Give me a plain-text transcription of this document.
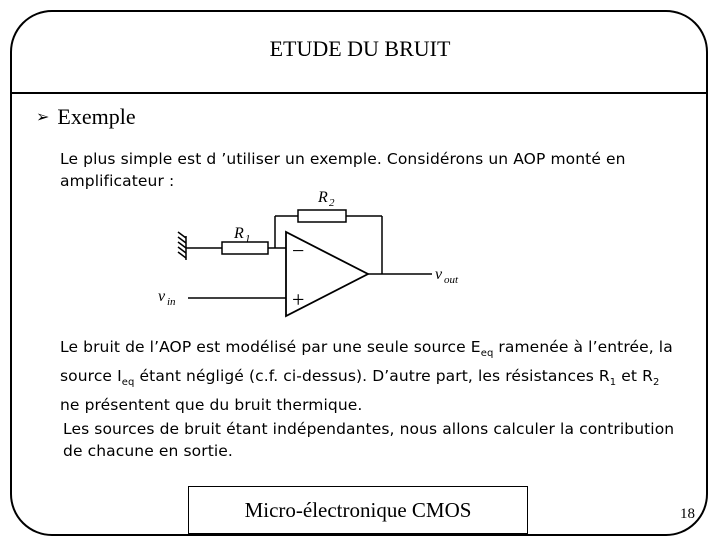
ETUDE DU BRUIT
➢ Exemple
Le plus simple est d ’utiliser un exemple. Considérons un AOP monté en amplificateur :
R 1
R 2
−
+
v out
v in
Le bruit de l’AOP est modélisé par une seule source $E_{eq}$ ramenée à l’entrée, la source $I_{eq}$ étant négligé (c.f. ci-dessus). D’autre part, les résistances $R_1$ et $R_2$ ne présentent que du bruit thermique.
Les sources de bruit étant indépendantes, nous allons calculer la contribution de chacune en sortie.
Micro-électronique CMOS	18
